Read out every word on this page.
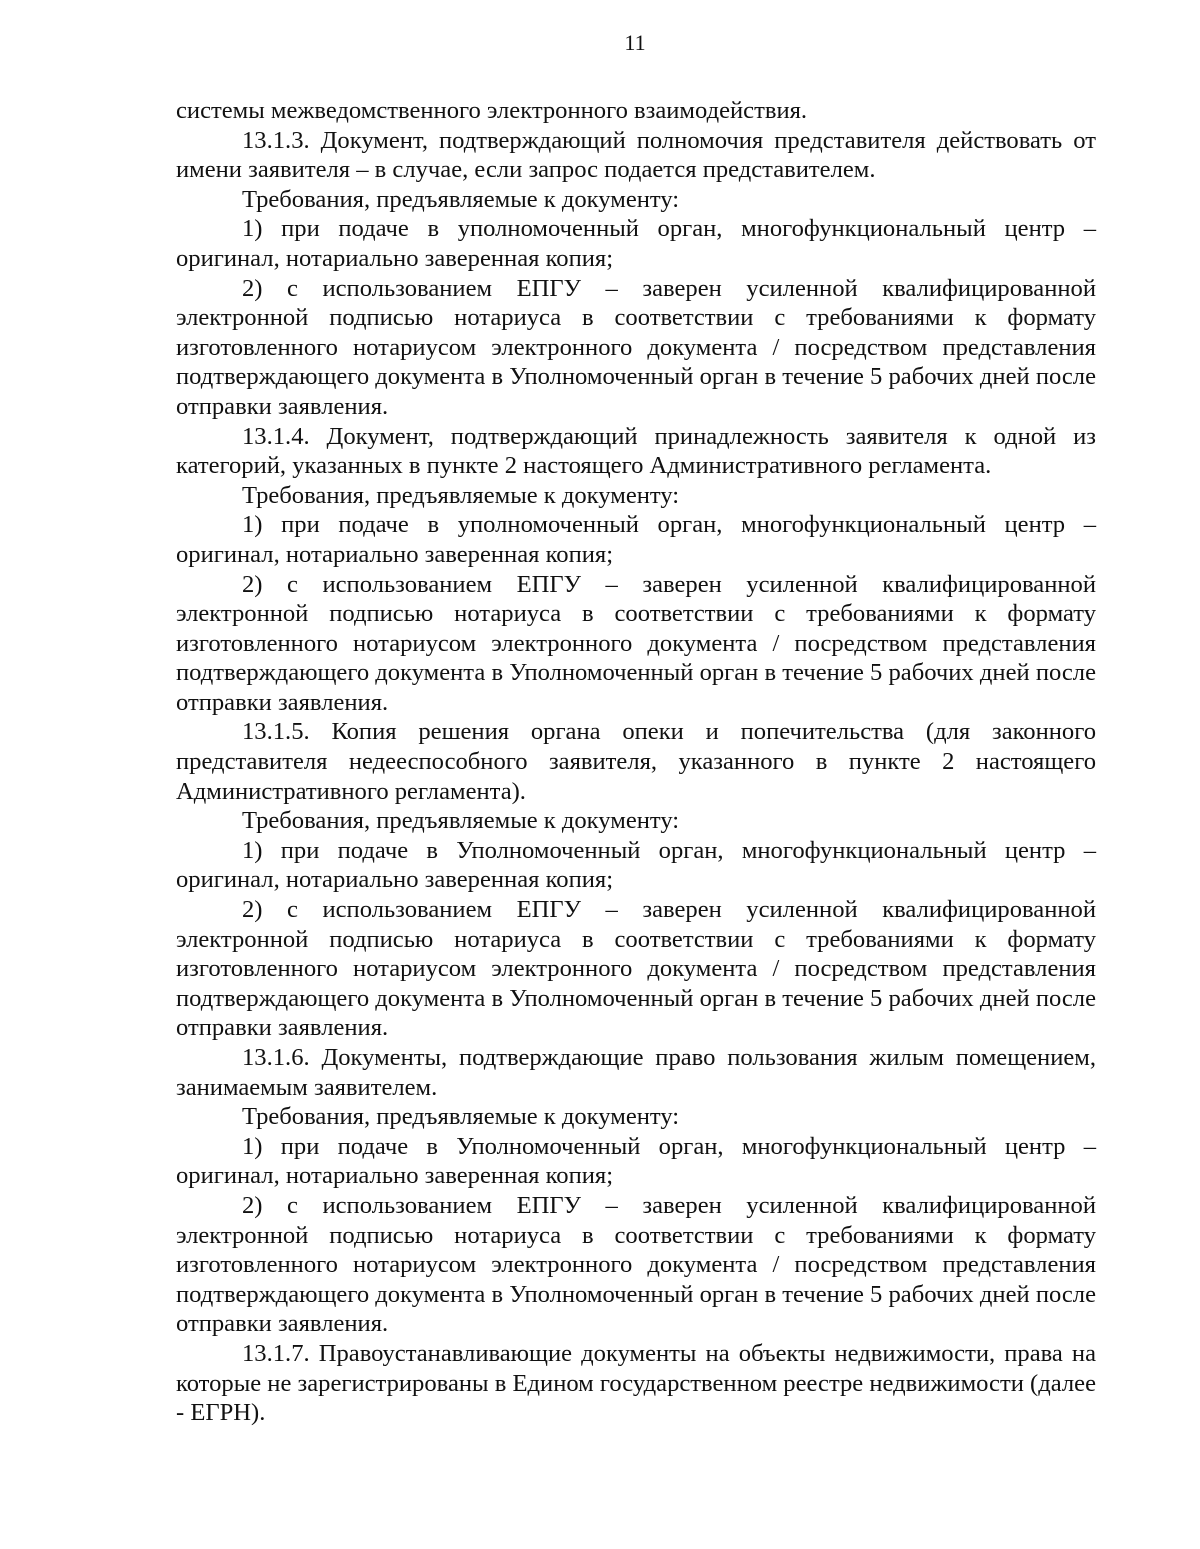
11

системы межведомственного электронного взаимодействия.

13.1.3. Документ, подтверждающий полномочия представителя действовать от имени заявителя – в случае, если запрос подается представителем.

Требования, предъявляемые к документу:

1) при подаче в уполномоченный орган, многофункциональный центр – оригинал, нотариально заверенная копия;

2) с использованием ЕПГУ – заверен усиленной квалифицированной электронной подписью нотариуса в соответствии с требованиями к формату изготовленного нотариусом электронного документа / посредством представления подтверждающего документа в Уполномоченный орган в течение 5 рабочих дней после отправки заявления.

13.1.4. Документ, подтверждающий принадлежность заявителя к одной из категорий, указанных в пункте 2 настоящего Административного регламента.

Требования, предъявляемые к документу:

1) при подаче в уполномоченный орган, многофункциональный центр – оригинал, нотариально заверенная копия;

2) с использованием ЕПГУ – заверен усиленной квалифицированной электронной подписью нотариуса в соответствии с требованиями к формату изготовленного нотариусом электронного документа / посредством представления подтверждающего документа в Уполномоченный орган в течение 5 рабочих дней после отправки заявления.

13.1.5. Копия решения органа опеки и попечительства (для законного представителя недееспособного заявителя, указанного в пункте 2 настоящего Административного регламента).

Требования, предъявляемые к документу:

1) при подаче в Уполномоченный орган, многофункциональный центр – оригинал, нотариально заверенная копия;

2) с использованием ЕПГУ – заверен усиленной квалифицированной электронной подписью нотариуса в соответствии с требованиями к формату изготовленного нотариусом электронного документа / посредством представления подтверждающего документа в Уполномоченный орган в течение 5 рабочих дней после отправки заявления.

13.1.6. Документы, подтверждающие право пользования жилым помещением, занимаемым заявителем.

Требования, предъявляемые к документу:

1) при подаче в Уполномоченный орган, многофункциональный центр – оригинал, нотариально заверенная копия;

2) с использованием ЕПГУ – заверен усиленной квалифицированной электронной подписью нотариуса в соответствии с требованиями к формату изготовленного нотариусом электронного документа / посредством представления подтверждающего документа в Уполномоченный орган в течение 5 рабочих дней после отправки заявления.

13.1.7. Правоустанавливающие документы на объекты недвижимости, права на которые не зарегистрированы в Едином государственном реестре недвижимости (далее - ЕГРН).
